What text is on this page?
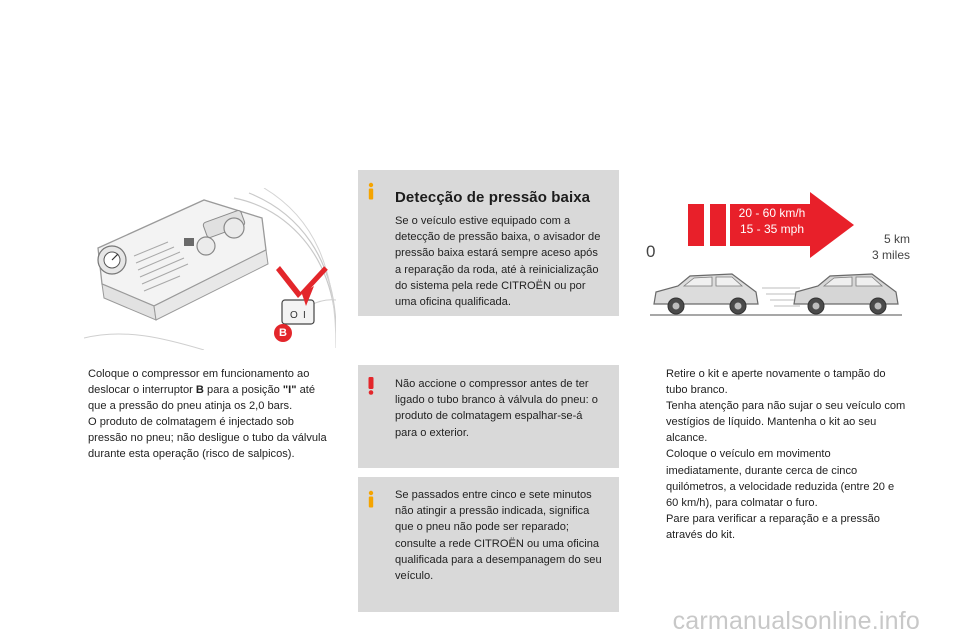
O I
B

Coloque o compressor em funcionamento ao deslocar o interruptor B para a posição "I" até que a pressão do pneu atinja os 2,0 bars.

O produto de colmatagem é injectado sob pressão no pneu; não desligue o tubo da válvula durante esta operação (risco de salpicos).

Detecção de pressão baixa
Se o veículo estive equipado com a detecção de pressão baixa, o avisador de pressão baixa estará sempre aceso após a reparação da roda, até à reinicialização do sistema pela rede CITROËN ou por uma oficina qualificada.
Não accione o compressor antes de ter ligado o tubo branco à válvula do pneu: o produto de colmatagem espalhar-se-á para o exterior.
Se passados entre cinco e sete minutos não atingir a pressão indicada, significa que o pneu não pode ser reparado; consulte a rede CITROËN ou uma oficina qualificada para a desempanagem do seu veículo.
20 - 60 km/h
15 - 35 mph
5 km
3 miles
0

Retire o kit e aperte novamente o tampão do tubo branco.

Tenha atenção para não sujar o seu veículo com vestígios de líquido. Mantenha o kit ao seu alcance.

Coloque o veículo em movimento imediatamente, durante cerca de cinco quilómetros, a velocidade reduzida (entre 20 e 60 km/h), para colmatar o furo.

Pare para verificar a reparação e a pressão através do kit.

carmanualsonline.info
